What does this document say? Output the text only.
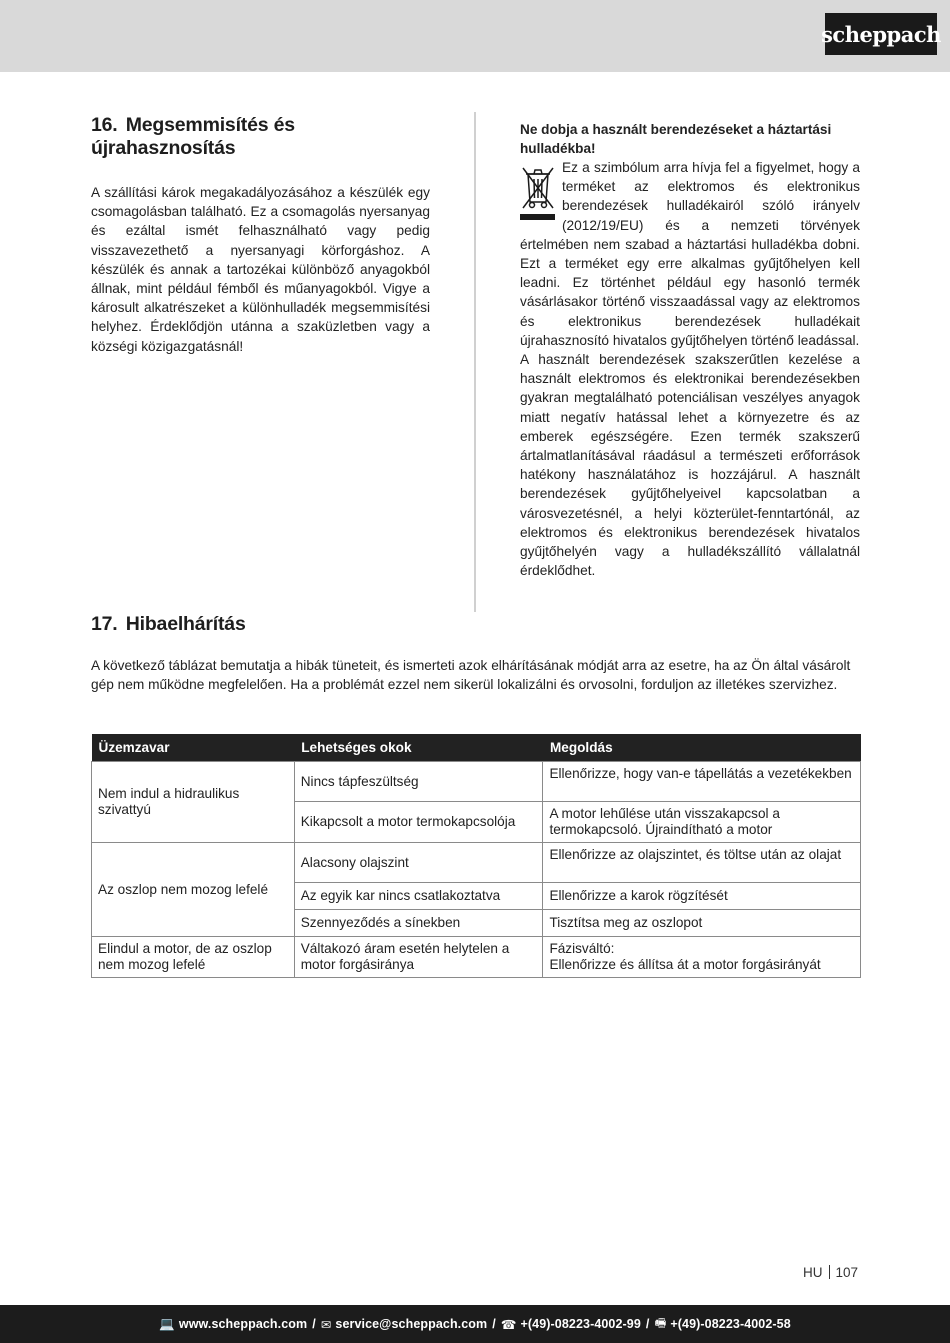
scheppach
16. Megsemmisítés és újrahasznosítás

A szállítási károk megakadályozásához a készülék egy csomagolásban található. Ez a csomagolás nyersanyag és ezáltal ismét felhasználható vagy pedig visszavezethető a nyersanyagi körforgáshoz. A készülék és annak a tartozékai különböző anyagokból állnak, mint például fémből és műanyagokból. Vigye a károsult alkatrészeket a különhulladék megsemmisítési helyhez. Érdeklődjön utánna a szaküzletben vagy a községi közigazgatásnál!

Ne dobja a használt berendezéseket a háztartási hulladékba!

Ez a szimbólum arra hívja fel a figyelmet, hogy a terméket az elektromos és elektronikus berendezések hulladékairól szóló irányelv (2012/19/EU) és a nemzeti törvények értelmében nem szabad a háztartási hulladékba dobni. Ezt a terméket egy erre alkalmas gyűjtőhelyen kell leadni. Ez történhet például egy hasonló termék vásárlásakor történő visszaadással vagy az elektromos és elektronikus berendezések hulladékait újrahasznosító hivatalos gyűjtőhelyen történő leadással.

A használt berendezések szakszerűtlen kezelése a használt elektromos és elektronikai berendezésekben gyakran megtalálható potenciálisan veszélyes anyagok miatt negatív hatással lehet a környezetre és az emberek egészségére. Ezen termék szakszerű ártalmatlanításával ráadásul a természeti erőforrások hatékony használatához is hozzájárul. A használt berendezések gyűjtőhelyeivel kapcsolatban a városvezetésnél, a helyi közterület-fenntartónál, az elektromos és elektronikus berendezések hivatalos gyűjtőhelyén vagy a hulladékszállító vállalatnál érdeklődhet.

17. Hibaelhárítás

A következő táblázat bemutatja a hibák tüneteit, és ismerteti azok elhárításának módját arra az esetre, ha az Ön által vásárolt gép nem működne megfelelően. Ha a problémát ezzel nem sikerül lokalizálni és orvosolni, forduljon az illetékes szervizhez.

Üzemzavar	Lehetséges okok	Megoldás
Nem indul a hidraulikus szivattyú	Nincs tápfeszültség	Ellenőrizze, hogy van-e tápellátás a vezetékekben
	Kikapcsolt a motor termokapcsolója	A motor lehűlése után visszakapcsol a termokapcsoló. Újraindítható a motor
Az oszlop nem mozog lefelé	Alacsony olajszint	Ellenőrizze az olajszintet, és töltse után az olajat
	Az egyik kar nincs csatlakoztatva	Ellenőrizze a karok rögzítését
	Szennyeződés a sínekben	Tisztítsa meg az oszlopot
Elindul a motor, de az oszlop nem mozog lefelé	Váltakozó áram esetén helytelen a motor forgásiránya	Fázisváltó:
Ellenőrizze és állítsa át a motor forgásirányát
HU 107
💻 www.scheppach.com / ✉ service@scheppach.com / ☎ +(49)-08223-4002-99 / 🖷 +(49)-08223-4002-58
